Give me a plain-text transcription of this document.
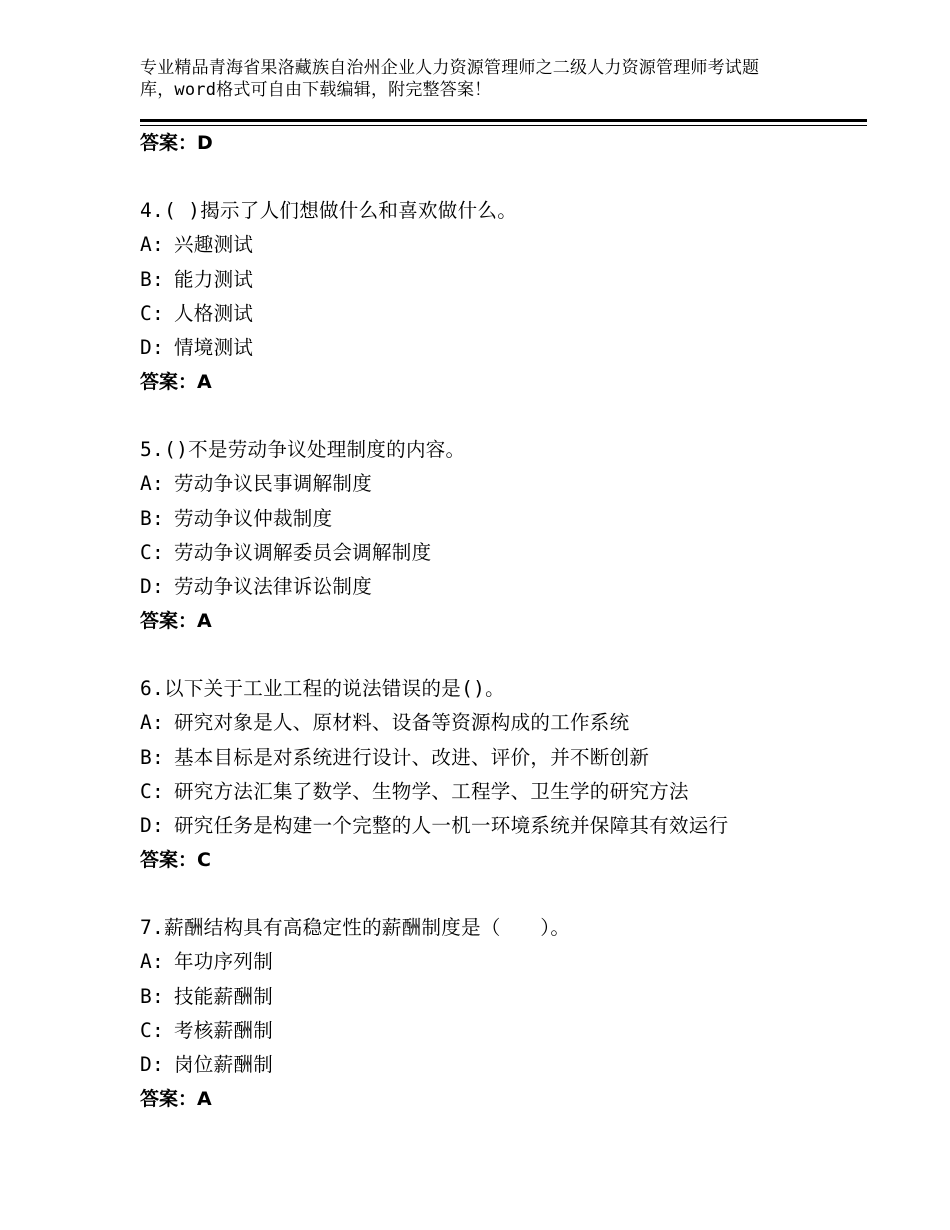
专业精品青海省果洛藏族自治州企业人力资源管理师之二级人力资源管理师考试题
库，word格式可自由下载编辑，附完整答案！
答案：D
4.( )揭示了人们想做什么和喜欢做什么。
A: 兴趣测试
B: 能力测试
C: 人格测试
D: 情境测试
答案：A
5.()不是劳动争议处理制度的内容。
A: 劳动争议民事调解制度
B: 劳动争议仲裁制度
C: 劳动争议调解委员会调解制度
D: 劳动争议法律诉讼制度
答案：A
6.以下关于工业工程的说法错误的是()。
A: 研究对象是人、原材料、设备等资源构成的工作系统
B: 基本目标是对系统进行设计、改进、评价，并不断创新
C: 研究方法汇集了数学、生物学、工程学、卫生学的研究方法
D: 研究任务是构建一个完整的人一机一环境系统并保障其有效运行
答案：C
7.薪酬结构具有高稳定性的薪酬制度是（　　）。
A: 年功序列制
B: 技能薪酬制
C: 考核薪酬制
D: 岗位薪酬制
答案：A
